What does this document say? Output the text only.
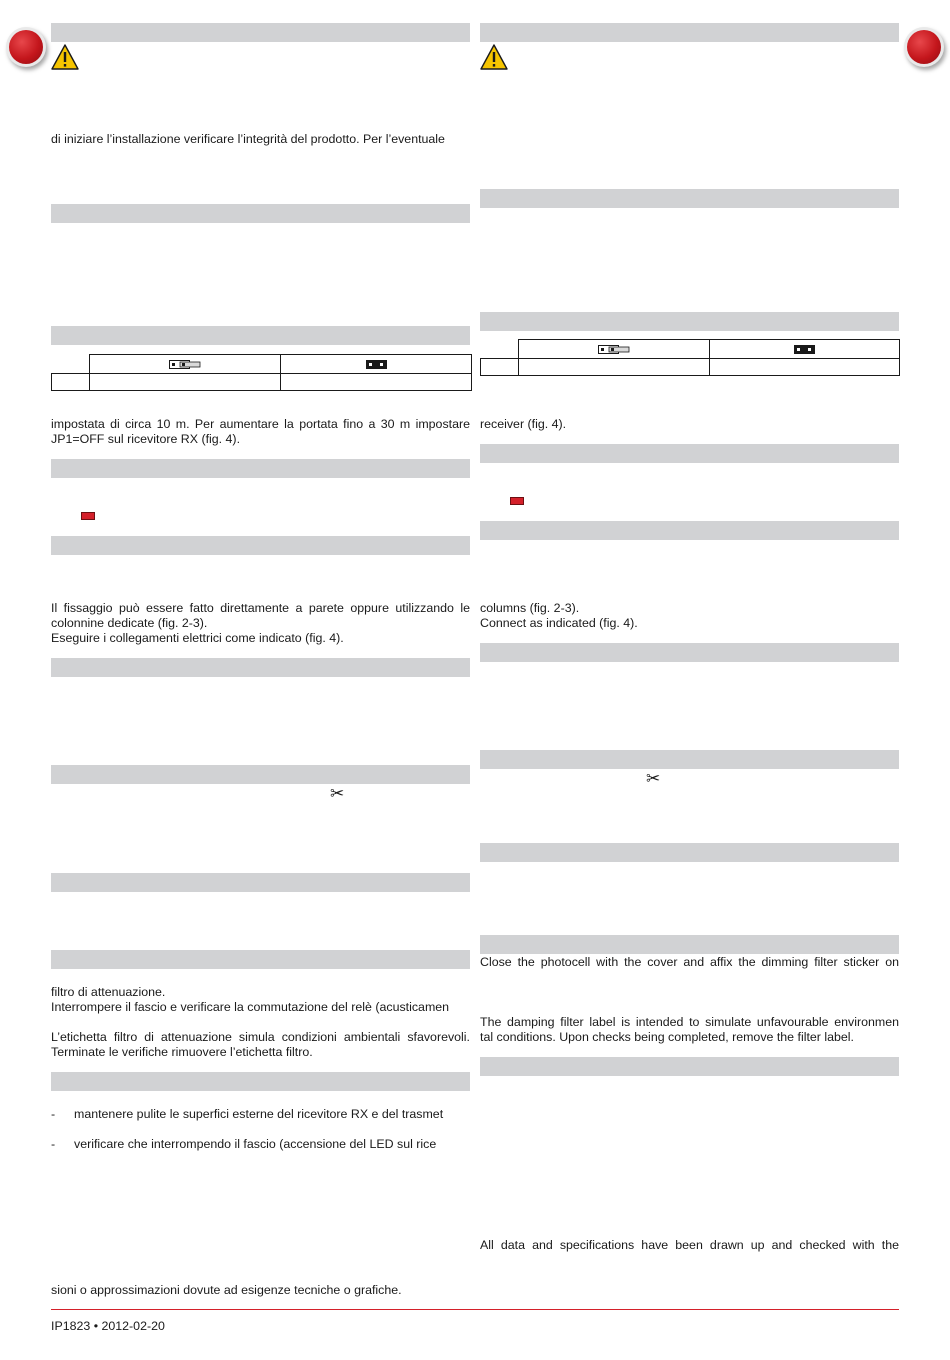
di iniziare l’installazione verificare l’integrità del prodotto. Per l’eventuale

impostata di circa 10 m. Per aumentare la portata fino a 30 m impostare
JP1=OFF sul ricevitore RX (fig. 4).
Il fissaggio può essere fatto direttamente a parete oppure utilizzando le
colonnine dedicate (fig. 2-3).
Eseguire i collegamenti elettrici come indicato (fig. 4).
✂
filtro di attenuazione.
Interrompere il fascio e verificare la commutazione del relè (acusticamen
L’etichetta filtro di attenuazione simula condizioni ambientali sfavorevoli.
Terminate le verifiche rimuovere l’etichetta filtro.
- mantenere pulite le superfici esterne del ricevitore RX e del trasmet
- verificare che interrompendo il fascio (accensione del LED sul rice
sioni o approssimazioni dovute ad esigenze tecniche o grafiche.

receiver (fig. 4).
columns (fig. 2-3).
Connect as indicated (fig. 4).
✂
Close the photocell with the cover and affix the dimming filter sticker on
The damping filter label is intended to simulate unfavourable environmen
tal conditions. Upon checks being completed, remove the filter label.
All data and specifications have been drawn up and checked with the
IP1823 • 2012-02-20
